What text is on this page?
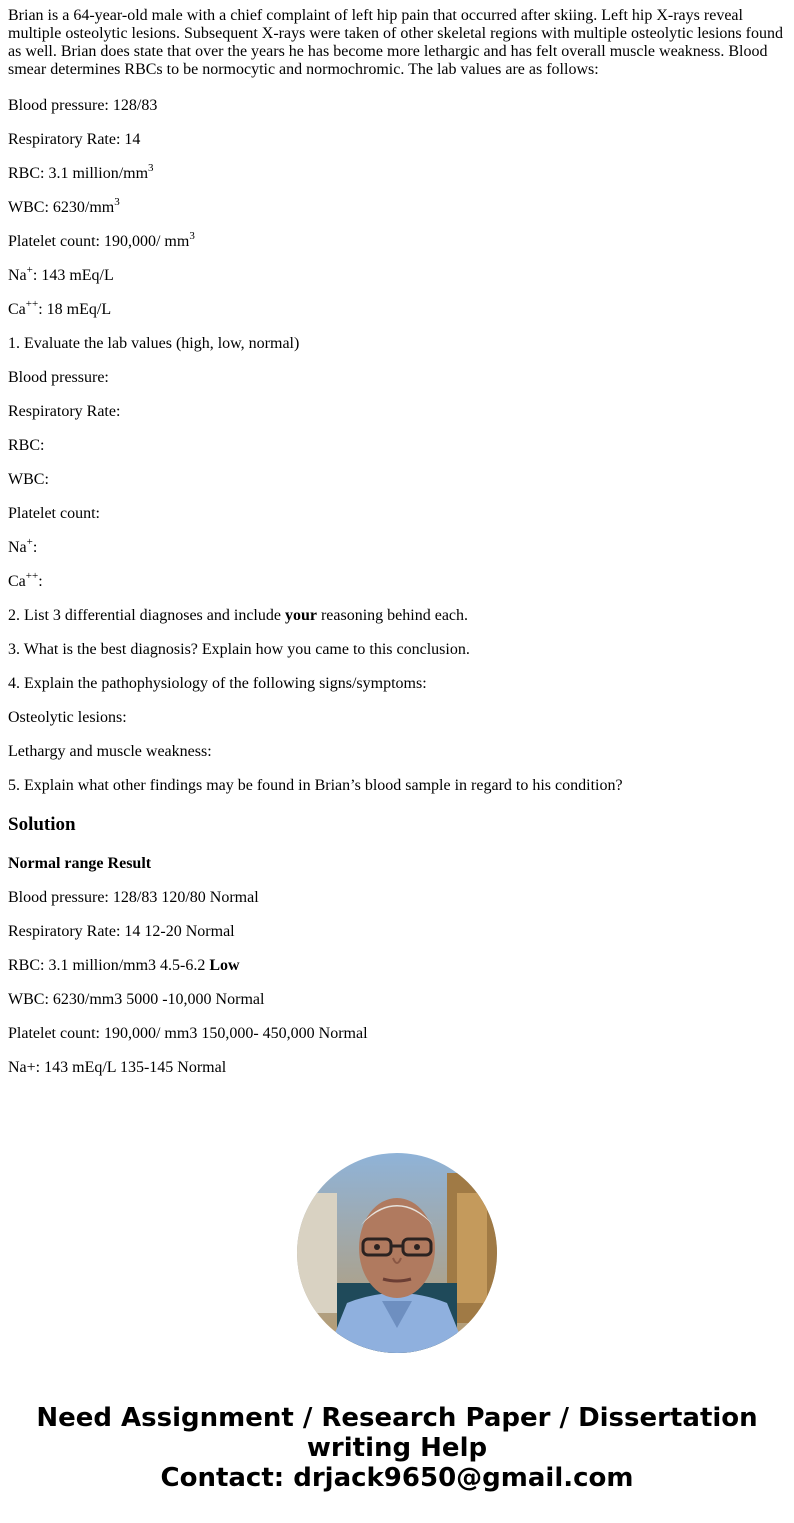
Brian is a 64-year-old male with a chief complaint of left hip pain that occurred after skiing. Left hip X-rays reveal multiple osteolytic lesions. Subsequent X-rays were taken of other skeletal regions with multiple osteolytic lesions found as well. Brian does state that over the years he has become more lethargic and has felt overall muscle weakness. Blood smear determines RBCs to be normocytic and normochromic. The lab values are as follows:

Blood pressure: 128/83

Respiratory Rate: 14

RBC: 3.1 million/$mm^3$

WBC: $6230/mm^3$

Platelet count: 190,000/ $mm^3$

Na+: 143 mEq/L

Ca++: 18 mEq/L

1. Evaluate the lab values (high, low, normal)

Blood pressure:

Respiratory Rate:

RBC:

WBC:

Platelet count:

Na+:

Ca++:

2. List 3 differential diagnoses and include your reasoning behind each.

3. What is the best diagnosis? Explain how you came to this conclusion.

4. Explain the pathophysiology of the following signs/symptoms:

Osteolytic lesions:

Lethargy and muscle weakness:

5. Explain what other findings may be found in Brian’s blood sample in regard to his condition?

Solution

Normal range Result

Blood pressure: 128/83 120/80 Normal

Respiratory Rate: 14 12-20 Normal

RBC: 3.1 million/mm3 4.5-6.2 Low

WBC: 6230/mm3 5000 -10,000 Normal

Platelet count: 190,000/ mm3 150,000- 450,000 Normal

Na+: 143 mEq/L 135-145 Normal

Need Assignment / Research Paper / Dissertation
writing Help
Contact: drjack9650@gmail.com
